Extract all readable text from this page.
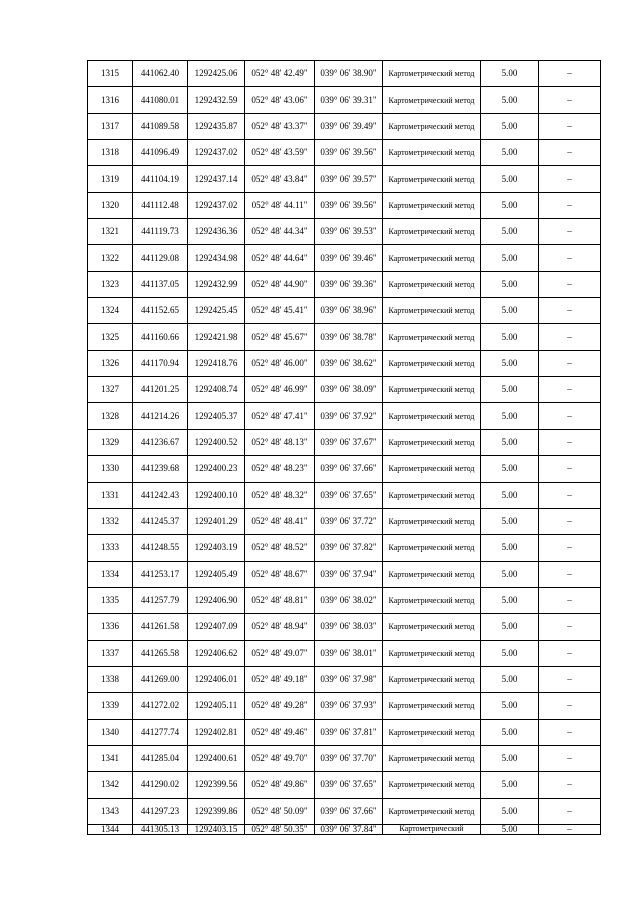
1315	441062.40	1292425.06	052° 48' 42.49"	039° 06' 38.90"	Картометрический метод	5.00	–
1316	441080.01	1292432.59	052° 48' 43.06"	039° 06' 39.31"	Картометрический метод	5.00	–
1317	441089.58	1292435.87	052° 48' 43.37"	039° 06' 39.49"	Картометрический метод	5.00	–
1318	441096.49	1292437.02	052° 48' 43.59"	039° 06' 39.56"	Картометрический метод	5.00	–
1319	441104.19	1292437.14	052° 48' 43.84"	039° 06' 39.57"	Картометрический метод	5.00	–
1320	441112.48	1292437.02	052° 48' 44.11"	039° 06' 39.56"	Картометрический метод	5.00	–
1321	441119.73	1292436.36	052° 48' 44.34"	039° 06' 39.53"	Картометрический метод	5.00	–
1322	441129.08	1292434.98	052° 48' 44.64"	039° 06' 39.46"	Картометрический метод	5.00	–
1323	441137.05	1292432.99	052° 48' 44.90"	039° 06' 39.36"	Картометрический метод	5.00	–
1324	441152.65	1292425.45	052° 48' 45.41"	039° 06' 38.96"	Картометрический метод	5.00	–
1325	441160.66	1292421.98	052° 48' 45.67"	039° 06' 38.78"	Картометрический метод	5.00	–
1326	441170.94	1292418.76	052° 48' 46.00"	039° 06' 38.62"	Картометрический метод	5.00	–
1327	441201.25	1292408.74	052° 48' 46.99"	039° 06' 38.09"	Картометрический метод	5.00	–
1328	441214.26	1292405.37	052° 48' 47.41"	039° 06' 37.92"	Картометрический метод	5.00	–
1329	441236.67	1292400.52	052° 48' 48.13"	039° 06' 37.67"	Картометрический метод	5.00	–
1330	441239.68	1292400.23	052° 48' 48.23"	039° 06' 37.66"	Картометрический метод	5.00	–
1331	441242.43	1292400.10	052° 48' 48.32"	039° 06' 37.65"	Картометрический метод	5.00	–
1332	441245.37	1292401.29	052° 48' 48.41"	039° 06' 37.72"	Картометрический метод	5.00	–
1333	441248.55	1292403.19	052° 48' 48.52"	039° 06' 37.82"	Картометрический метод	5.00	–
1334	441253.17	1292405.49	052° 48' 48.67"	039° 06' 37.94"	Картометрический метод	5.00	–
1335	441257.79	1292406.90	052° 48' 48.81"	039° 06' 38.02"	Картометрический метод	5.00	–
1336	441261.58	1292407.09	052° 48' 48.94"	039° 06' 38.03"	Картометрический метод	5.00	–
1337	441265.58	1292406.62	052° 48' 49.07"	039° 06' 38.01"	Картометрический метод	5.00	–
1338	441269.00	1292406.01	052° 48' 49.18"	039° 06' 37.98"	Картометрический метод	5.00	–
1339	441272.02	1292405.11	052° 48' 49.28"	039° 06' 37.93"	Картометрический метод	5.00	–
1340	441277.74	1292402.81	052° 48' 49.46"	039° 06' 37.81"	Картометрический метод	5.00	–
1341	441285.04	1292400.61	052° 48' 49.70"	039° 06' 37.70"	Картометрический метод	5.00	–
1342	441290.02	1292399.56	052° 48' 49.86"	039° 06' 37.65"	Картометрический метод	5.00	–
1343	441297.23	1292399.86	052° 48' 50.09"	039° 06' 37.66"	Картометрический метод	5.00	–
1344	441305.13	1292403.15	052° 48' 50.35"	039° 06' 37.84"	Картометрический	5.00	–
